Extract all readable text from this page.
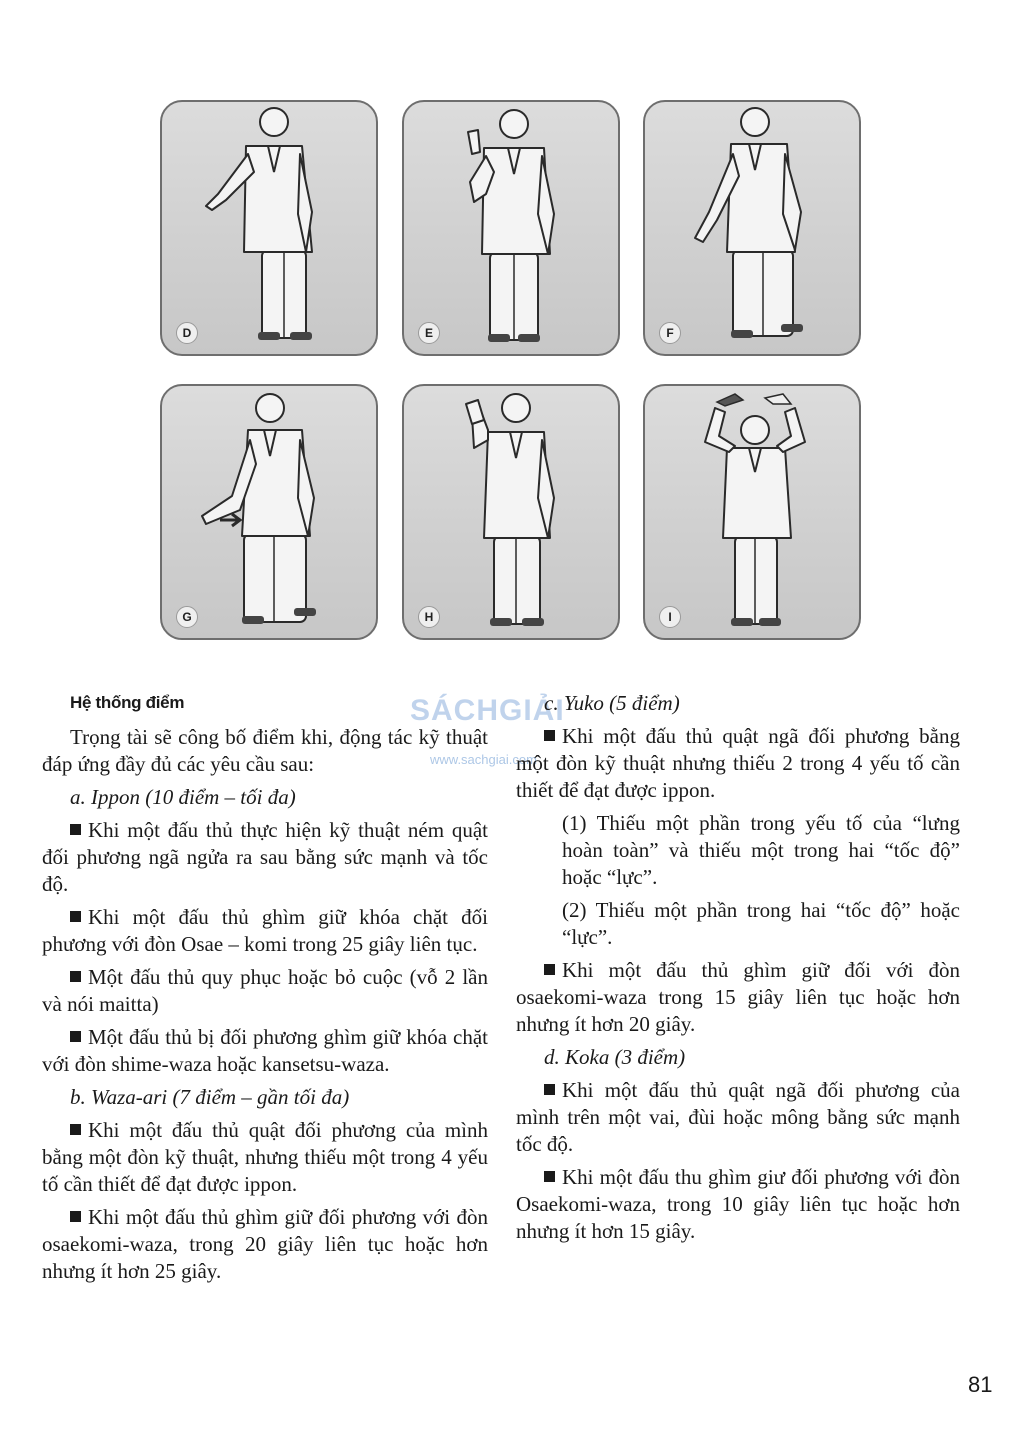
D	E	F
G	H	I
SÁCHGIẢI
www.sachgiai.com
Hệ thống điểm

Trọng tài sẽ công bố điểm khi, động tác kỹ thuật đáp ứng đầy đủ các yêu cầu sau:

a. Ippon (10 điểm – tối đa)

Khi một đấu thủ thực hiện kỹ thuật ném quật đối phương ngã ngửa ra sau bằng sức mạnh và tốc độ.

Khi một đấu thủ ghìm giữ khóa chặt đối phương với đòn Osae – komi trong 25 giây liên tục.

Một đấu thủ quy phục hoặc bỏ cuộc (vỗ 2 lần và nói maitta)

Một đấu thủ bị đối phương ghìm giữ khóa chặt với đòn shime-waza hoặc kansetsu-waza.

b. Waza-ari (7 điểm – gần tối đa)

Khi một đấu thủ quật đối phương của mình bằng một đòn kỹ thuật, nhưng thiếu một trong 4 yếu tố cần thiết để đạt được ippon.

Khi một đấu thủ ghìm giữ đối phương với đòn osaekomi-waza, trong 20 giây liên tục hoặc hơn nhưng ít hơn 25 giây.

c. Yuko (5 điểm)

Khi một đấu thủ quật ngã đối phương bằng một đòn kỹ thuật nhưng thiếu 2 trong 4 yếu tố cần thiết để đạt được ippon.

(1) Thiếu một phần trong yếu tố của “lưng hoàn toàn” và thiếu một trong hai “tốc độ” hoặc “lực”.

(2) Thiếu một phần trong hai “tốc độ” hoặc “lực”.

Khi một đấu thủ ghìm giữ đối với đòn osaekomi-waza trong 15 giây liên tục hoặc hơn nhưng ít hơn 20 giây.

d. Koka (3 điểm)

Khi một đấu thủ quật ngã đối phương của mình trên một vai, đùi hoặc mông bằng sức mạnh tốc độ.

Khi một đấu thu ghìm giư đối phương với đòn Osaekomi-waza, trong 10 giây liên tục hoặc hơn nhưng ít hơn 15 giây.

81
